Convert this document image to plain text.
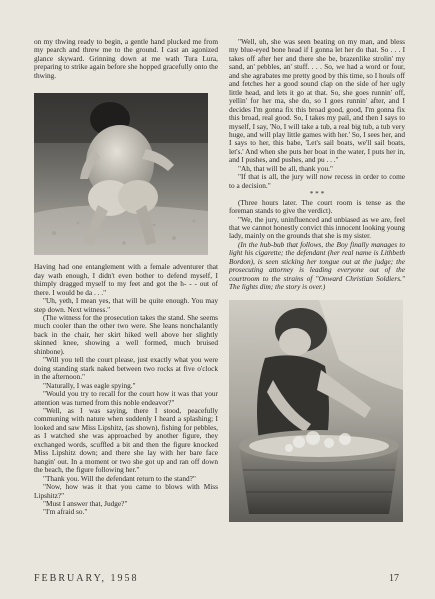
on my thwing ready to begin, a gentle hand plucked me from my pearch and threw me to the ground. I cast an agonized glance skyward. Grinning down at me wath Tura Lura, preparing to strike again before she hopped gracefully onto the thwing.

Having had one entanglement with a female adventurer that day wath enough, I didn't even bother to defend myself, I thimply dragged myself to my feet and got the h- - - out of there. I would be da . . ."

"Uh, yeth, I mean yes, that will be quite enough. You may step down. Next witness."

(The witness for the prosecution takes the stand. She seems much cooler than the other two were. She leans nonchalantly back in the chair, her skirt hiked well above her slightly skinned knee, showing a well formed, much bruised shinbone).

"Will you tell the court please, just exactly what you were doing standing stark naked between two rocks at five o'clock in the afternoon."

"Naturally, I was eagle spying."

"Would you try to recall for the court how it was that your attention was turned from this noble endeavor?"

"Well, as I was saying, there I stood, peacefully communing with nature when suddenly I heard a splashing; I looked and saw Miss Lipshitz, (as shown), fishing for pebbles, as I watched she was approached by another figure, they exchanged words, scuffled a bit and then the figure knocked Miss Lipshitz down; and there she lay with her bare face hangin' out. In a moment or two she got up and ran off down the beach, the figure following her."

"Thank you. Will the defendant return to the stand?"

"Now, how was it that you came to blows with Miss Lipshitz?"

"Must I answer that, Judge?"

"I'm afraid so."

"Well, uh, she was seen beating on my man, and bless my blue-eyed bone head if I gonna let her do that. So . . . I takes off after her and there she be, brazenlike strolin' my sand, an' pebbles, an' stuff. . . . So, we had a word or four, and she agrabates me pretty good by this time, so I houls off and fetches her a good sound clap on the side of her ugly little head, and lets it go at that. So, she goes runnin' off, yellin' for her ma, she do, so I goes runnin' after, and I decides I'm gonna fix this broad good, good, I'm gonna fix this broad, real good. So, I takes my pail, and then I says to myself, I say, 'No, I will take a tub, a real big tub, a tub very huge, and will play little games with her.' So, I sees her, and I says to her, this babe, 'Let's sail boats, we'll sail boats, let's.' And when she puts her boat in the water, I puts her in, and I pushes, and pushes, and pu . . ."

"Ah, that will be all, thank you."

"If that is all, the jury will now recess in order to come to a decision."

* * *

(Three hours later. The court room is tense as the foreman stands to give the verdict).

"We, the jury, uninfluenced and unbiased as we are, feel that we cannot honestly convict this innocent looking young lady, mainly on the grounds that she is my sister.

(In the hub-bub that follows, the Boy finally manages to light his cigarette; the defendant (her real name is Lithbeth Bordon), is seen sticking her tongue out at the judge; the prosecuting attorney is leading everyone out of the courtroom to the strains of "Onward Christian Soldiers." The lights dim; the story is over.)

FEBRUARY, 1958	17
